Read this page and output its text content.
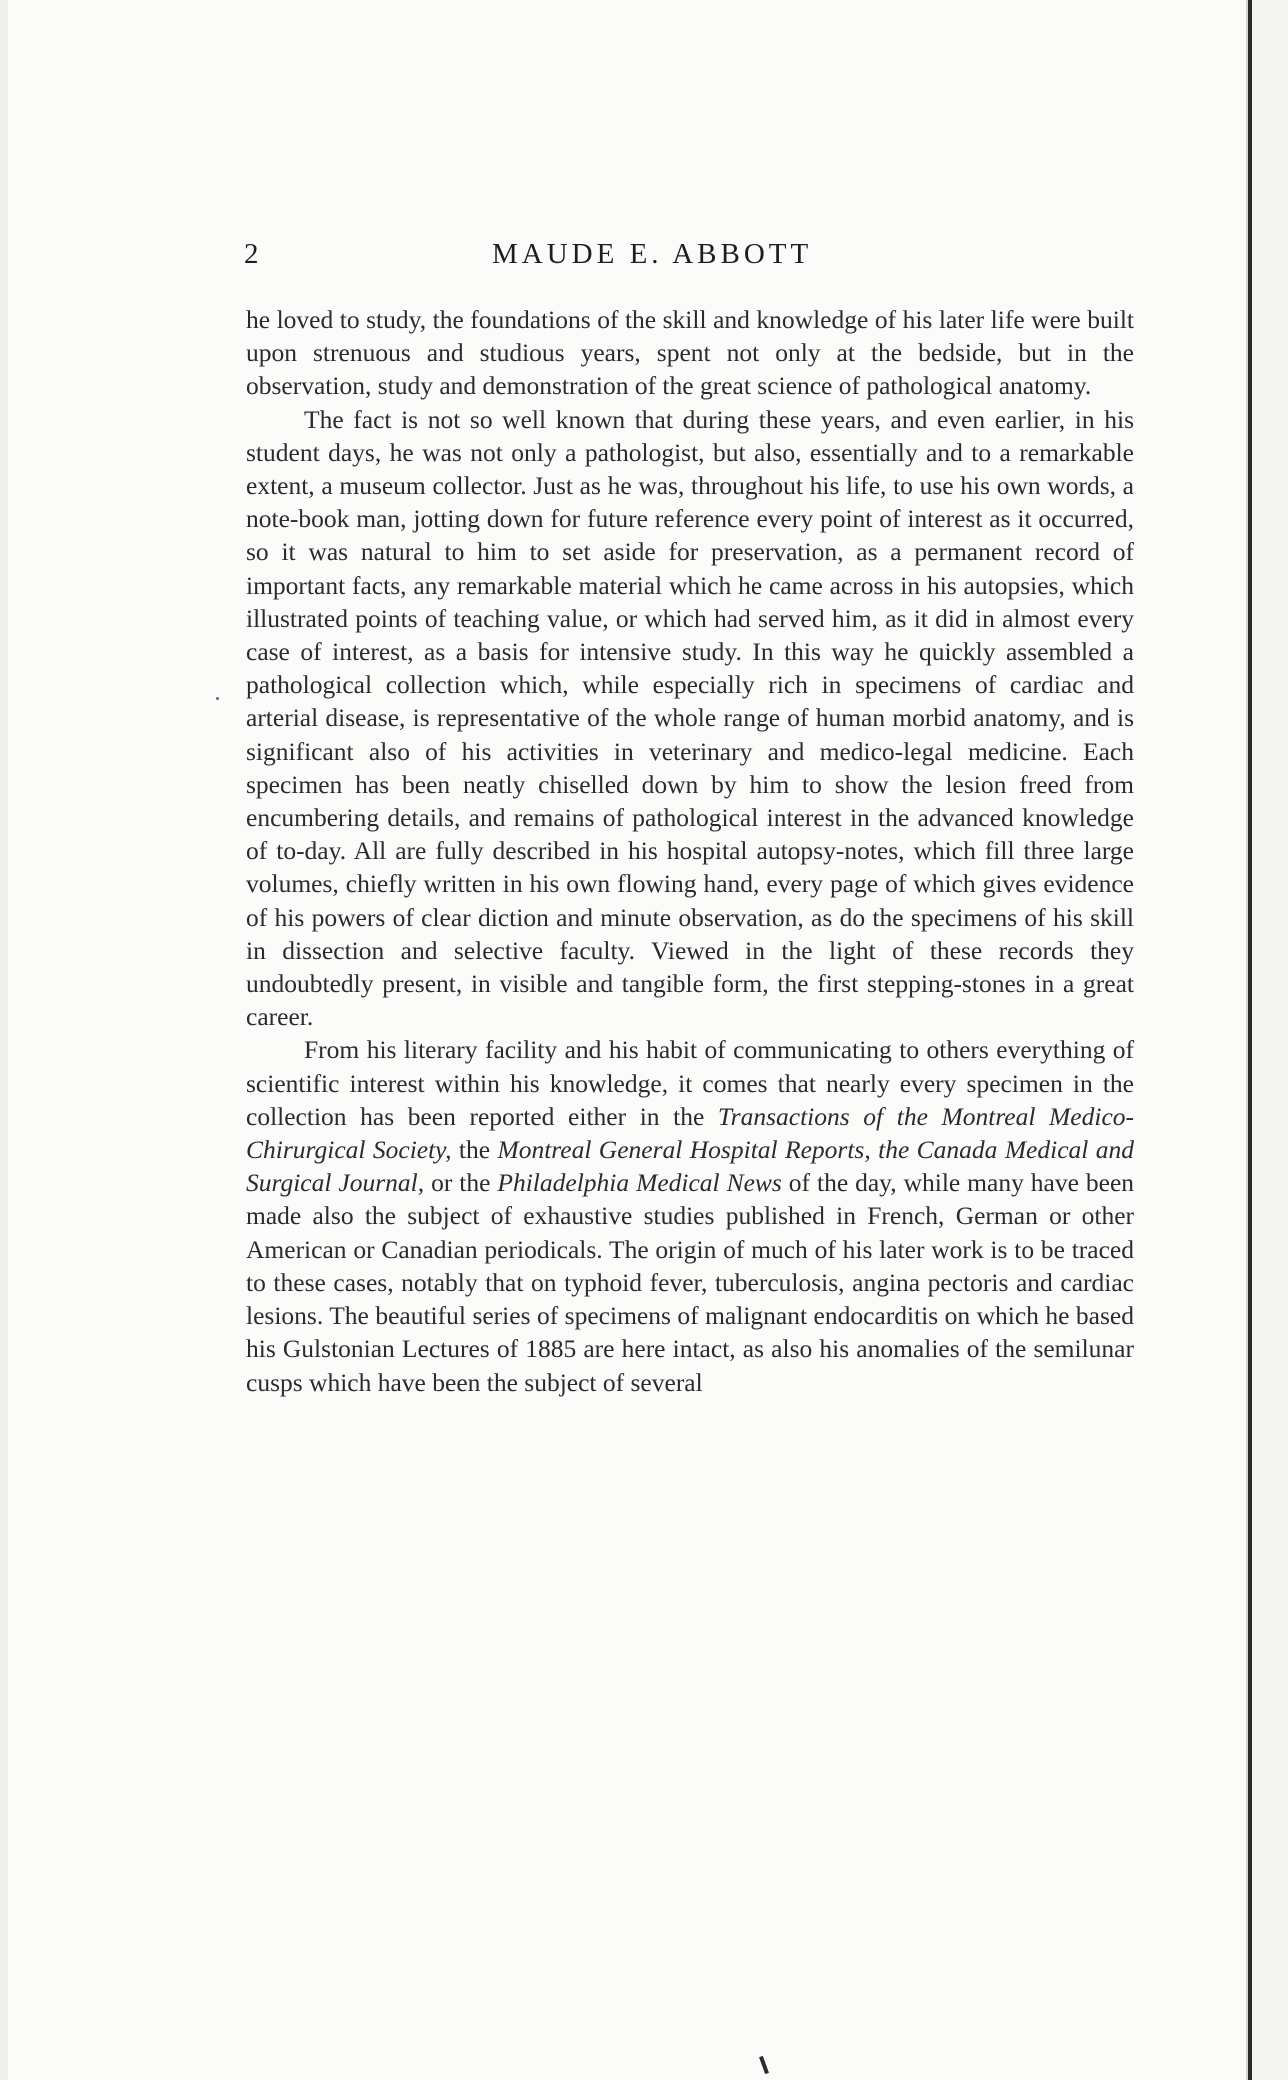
2	MAUDE E. ABBOTT

he loved to study, the foundations of the skill and knowledge of his later life were built upon strenuous and studious years, spent not only at the bedside, but in the observation, study and demonstration of the great science of pathological anatomy.

The fact is not so well known that during these years, and even earlier, in his student days, he was not only a pathologist, but also, essentially and to a remarkable extent, a museum collector. Just as he was, throughout his life, to use his own words, a note-book man, jotting down for future reference every point of interest as it occurred, so it was natural to him to set aside for preservation, as a permanent record of important facts, any remarkable material which he came across in his autopsies, which illustrated points of teaching value, or which had served him, as it did in almost every case of interest, as a basis for intensive study. In this way he quickly assembled a pathological collection which, while especially rich in specimens of cardiac and arterial disease, is representative of the whole range of human morbid anatomy, and is significant also of his activities in veterinary and medico-legal medicine. Each specimen has been neatly chiselled down by him to show the lesion freed from encumbering details, and remains of pathological interest in the advanced knowledge of to-day. All are fully described in his hospital autopsy-notes, which fill three large volumes, chiefly written in his own flowing hand, every page of which gives evidence of his powers of clear diction and minute observation, as do the specimens of his skill in dissection and selective faculty. Viewed in the light of these records they undoubtedly present, in visible and tangible form, the first stepping-stones in a great career.

From his literary facility and his habit of communicating to others everything of scientific interest within his knowledge, it comes that nearly every specimen in the collection has been reported either in the Transactions of the Montreal Medico-Chirurgical Society, the Montreal General Hospital Reports, the Canada Medical and Surgical Journal, or the Philadelphia Medical News of the day, while many have been made also the subject of exhaustive studies published in French, German or other American or Canadian periodicals. The origin of much of his later work is to be traced to these cases, notably that on typhoid fever, tuberculosis, angina pectoris and cardiac lesions. The beautiful series of specimens of malignant endocarditis on which he based his Gulstonian Lectures of 1885 are here intact, as also his anomalies of the semilunar cusps which have been the subject of several
